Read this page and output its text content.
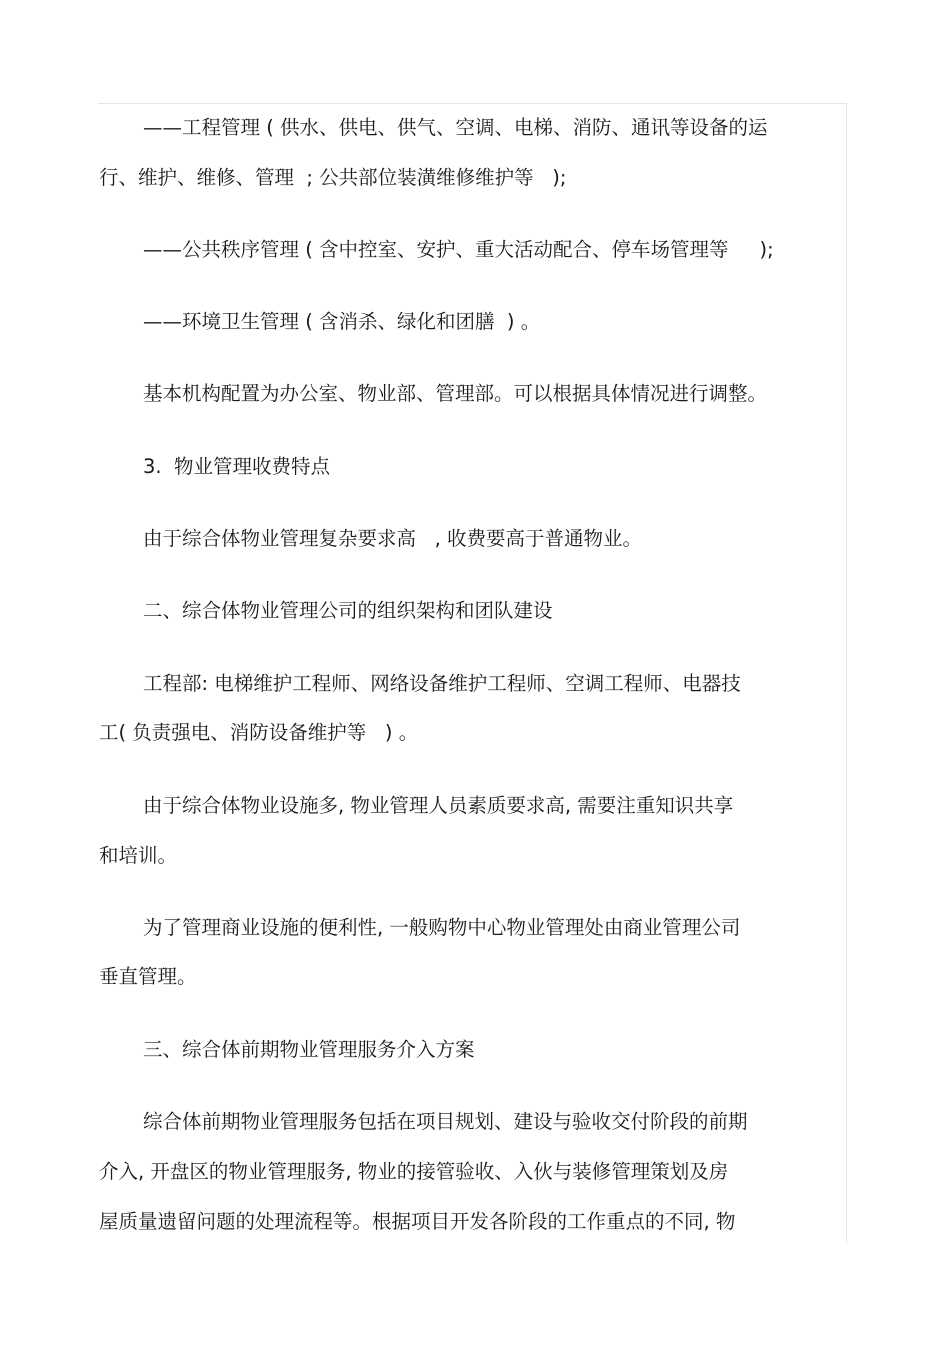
——工程管理 ( 供水、供电、供气、空调、电梯、消防、通讯等设备的运
行、维护、维修、管理  ; 公共部位装潢维修维护等   );
——公共秩序管理 ( 含中控室、安护、重大活动配合、停车场管理等     );
——环境卫生管理 ( 含消杀、绿化和团膳  ) 。
基本机构配置为办公室、物业部、管理部。可以根据具体情况进行调整。
3.  物业管理收费特点
由于综合体物业管理复杂要求高   , 收费要高于普通物业。
二、综合体物业管理公司的组织架构和团队建设
工程部: 电梯维护工程师、网络设备维护工程师、空调工程师、电器技
工( 负责强电、消防设备维护等   ) 。
由于综合体物业设施多, 物业管理人员素质要求高, 需要注重知识共享
和培训。
为了管理商业设施的便利性, 一般购物中心物业管理处由商业管理公司
垂直管理。
三、综合体前期物业管理服务介入方案
综合体前期物业管理服务包括在项目规划、建设与验收交付阶段的前期
介入, 开盘区的物业管理服务, 物业的接管验收、入伙与装修管理策划及房
屋质量遗留问题的处理流程等。根据项目开发各阶段的工作重点的不同, 物
